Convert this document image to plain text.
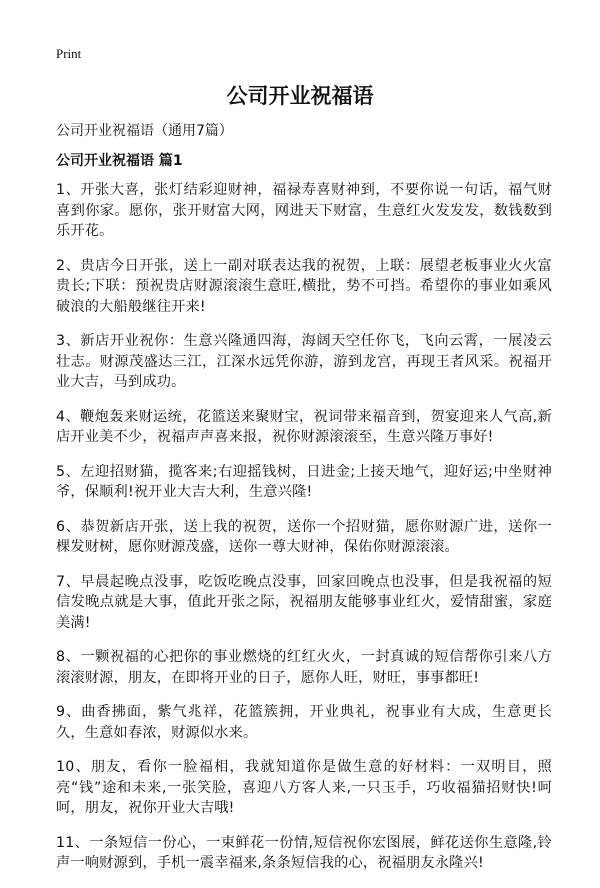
Print
公司开业祝福语
公司开业祝福语（通用7篇）
公司开业祝福语 篇1

1、开张大喜，张灯结彩迎财神，福禄寿喜财神到，不要你说一句话，福气财喜到你家。愿你，张开财富大网，网进天下财富，生意红火发发发，数钱数到乐开花。

2、贵店今日开张，送上一副对联表达我的祝贺，上联：展望老板事业火火富贵长;下联：预祝贵店财源滚滚生意旺,横批，势不可挡。希望你的事业如乘风破浪的大船般继往开来!

3、新店开业祝你：生意兴隆通四海，海阔天空任你飞，飞向云霄，一展凌云壮志。财源茂盛达三江，江深水远凭你游，游到龙宫，再现王者风采。祝福开业大吉，马到成功。

4、鞭炮轰来财运统，花篮送来聚财宝，祝词带来福音到，贺宴迎来人气高,新店开业美不少，祝福声声喜来报，祝你财源滚滚至，生意兴隆万事好!

5、左迎招财猫，揽客来;右迎摇钱树，日进金;上接天地气，迎好运;中坐财神爷，保顺利!祝开业大吉大利，生意兴隆!

6、恭贺新店开张，送上我的祝贺，送你一个招财猫，愿你财源广进，送你一棵发财树，愿你财源茂盛，送你一尊大财神，保佑你财源滚滚。

7、早晨起晚点没事，吃饭吃晚点没事，回家回晚点也没事，但是我祝福的短信发晚点就是大事，值此开张之际，祝福朋友能够事业红火，爱情甜蜜，家庭美满!

8、一颗祝福的心把你的事业燃烧的红红火火，一封真诚的短信帮你引来八方滚滚财源，朋友，在即将开业的日子，愿你人旺，财旺，事事都旺!

9、曲香拂面，紫气兆祥，花篮簇拥，开业典礼，祝事业有大成，生意更长久，生意如春浓，财源似水来。

10、朋友，看你一脸福相，我就知道你是做生意的好材料：一双明目，照亮“钱”途和未来,一张笑脸，喜迎八方客人来,一只玉手，巧收福猫招财快!呵呵，朋友，祝你开业大吉哦!

11、一条短信一份心，一束鲜花一份情,短信祝你宏图展，鲜花送你生意隆,铃声一响财源到，手机一震幸福来,条条短信我的心，祝福朋友永隆兴!
